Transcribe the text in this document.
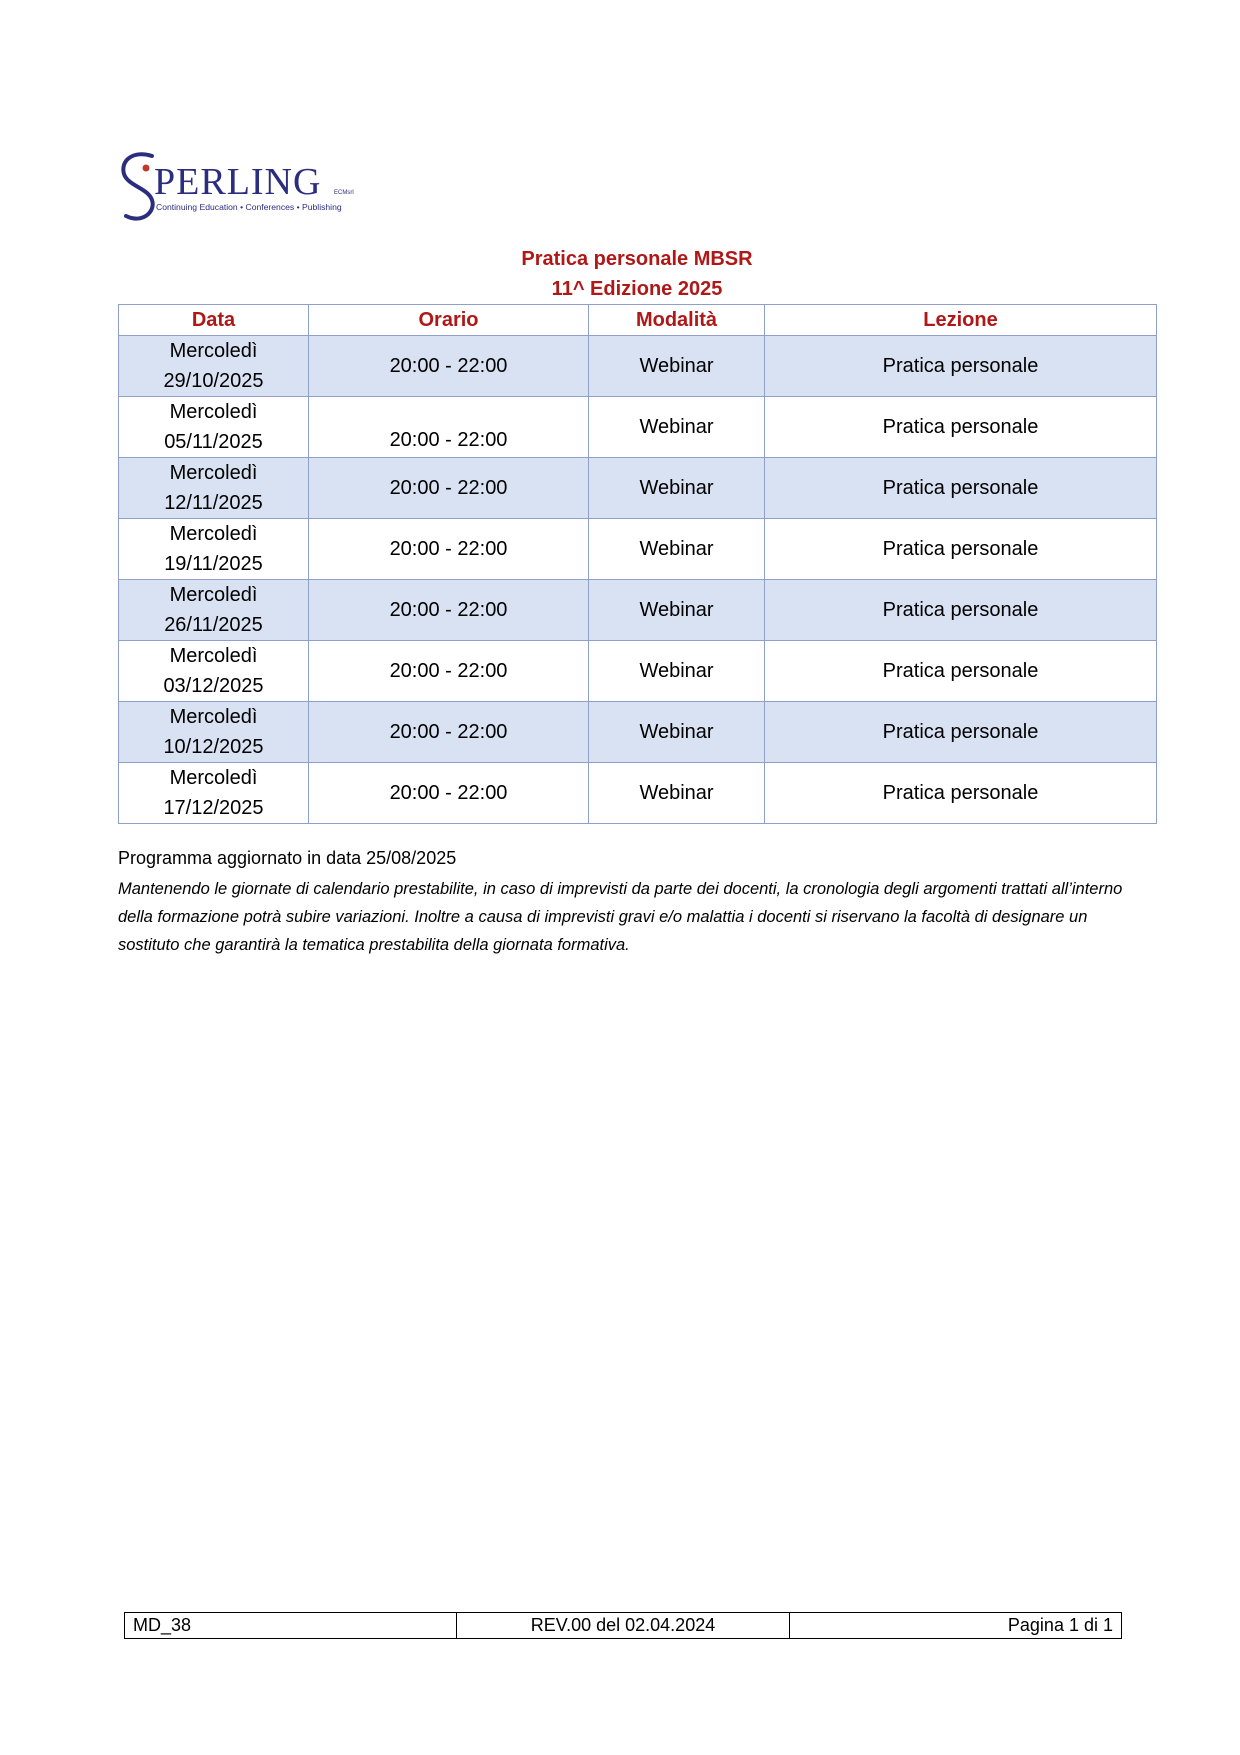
PERLING ECMsrl
Continuing Education • Conferences • Publishing
Pratica personale MBSR
11^ Edizione 2025
Data	Orario	Modalità	Lezione
Mercoledì
29/10/2025	20:00 - 22:00	Webinar	Pratica personale
Mercoledì
05/11/2025	20:00 - 22:00	Webinar	Pratica personale
Mercoledì
12/11/2025	20:00 - 22:00	Webinar	Pratica personale
Mercoledì
19/11/2025	20:00 - 22:00	Webinar	Pratica personale
Mercoledì
26/11/2025	20:00 - 22:00	Webinar	Pratica personale
Mercoledì
03/12/2025	20:00 - 22:00	Webinar	Pratica personale
Mercoledì
10/12/2025	20:00 - 22:00	Webinar	Pratica personale
Mercoledì
17/12/2025	20:00 - 22:00	Webinar	Pratica personale
Programma aggiornato in data 25/08/2025
Mantenendo le giornate di calendario prestabilite, in caso di imprevisti da parte dei docenti, la cronologia degli argomenti trattati all’interno della formazione potrà subire variazioni. Inoltre a causa di imprevisti gravi e/o malattia i docenti si riservano la facoltà di designare un sostituto che garantirà la tematica prestabilita della giornata formativa.
MD_38	REV.00 del 02.04.2024	Pagina 1 di 1
